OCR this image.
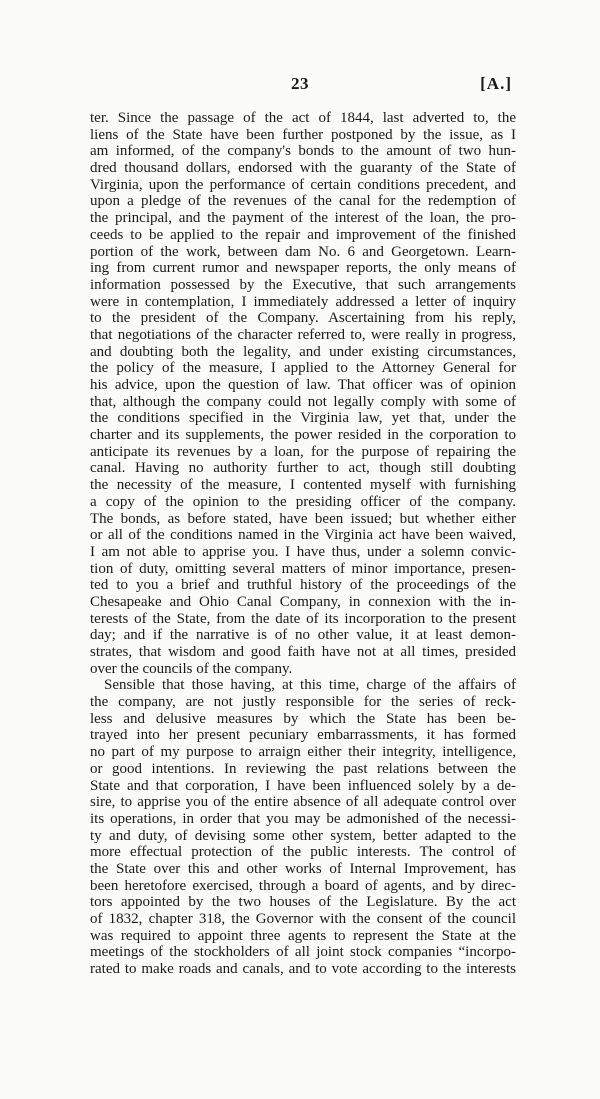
23	[A.]
ter. Since the passage of the act of 1844, last adverted to, the
liens of the State have been further postponed by the issue, as I
am informed, of the company's bonds to the amount of two hun-
dred thousand dollars, endorsed with the guaranty of the State of
Virginia, upon the performance of certain conditions precedent, and
upon a pledge of the revenues of the canal for the redemption of
the principal, and the payment of the interest of the loan, the pro-
ceeds to be applied to the repair and improvement of the finished
portion of the work, between dam No. 6 and Georgetown. Learn-
ing from current rumor and newspaper reports, the only means of
information possessed by the Executive, that such arrangements
were in contemplation, I immediately addressed a letter of inquiry
to the president of the Company. Ascertaining from his reply,
that negotiations of the character referred to, were really in progress,
and doubting both the legality, and under existing circumstances,
the policy of the measure, I applied to the Attorney General for
his advice, upon the question of law. That officer was of opinion
that, although the company could not legally comply with some of
the conditions specified in the Virginia law, yet that, under the
charter and its supplements, the power resided in the corporation to
anticipate its revenues by a loan, for the purpose of repairing the
canal. Having no authority further to act, though still doubting
the necessity of the measure, I contented myself with furnishing
a copy of the opinion to the presiding officer of the company.
The bonds, as before stated, have been issued; but whether either
or all of the conditions named in the Virginia act have been waived,
I am not able to apprise you. I have thus, under a solemn convic-
tion of duty, omitting several matters of minor importance, presen-
ted to you a brief and truthful history of the proceedings of the
Chesapeake and Ohio Canal Company, in connexion with the in-
terests of the State, from the date of its incorporation to the present
day; and if the narrative is of no other value, it at least demon-
strates, that wisdom and good faith have not at all times, presided
over the councils of the company.
Sensible that those having, at this time, charge of the affairs of
the company, are not justly responsible for the series of reck-
less and delusive measures by which the State has been be-
trayed into her present pecuniary embarrassments, it has formed
no part of my purpose to arraign either their integrity, intelligence,
or good intentions. In reviewing the past relations between the
State and that corporation, I have been influenced solely by a de-
sire, to apprise you of the entire absence of all adequate control over
its operations, in order that you may be admonished of the necessi-
ty and duty, of devising some other system, better adapted to the
more effectual protection of the public interests. The control of
the State over this and other works of Internal Improvement, has
been heretofore exercised, through a board of agents, and by direc-
tors appointed by the two houses of the Legislature. By the act
of 1832, chapter 318, the Governor with the consent of the council
was required to appoint three agents to represent the State at the
meetings of the stockholders of all joint stock companies “incorpo-
rated to make roads and canals, and to vote according to the interests
